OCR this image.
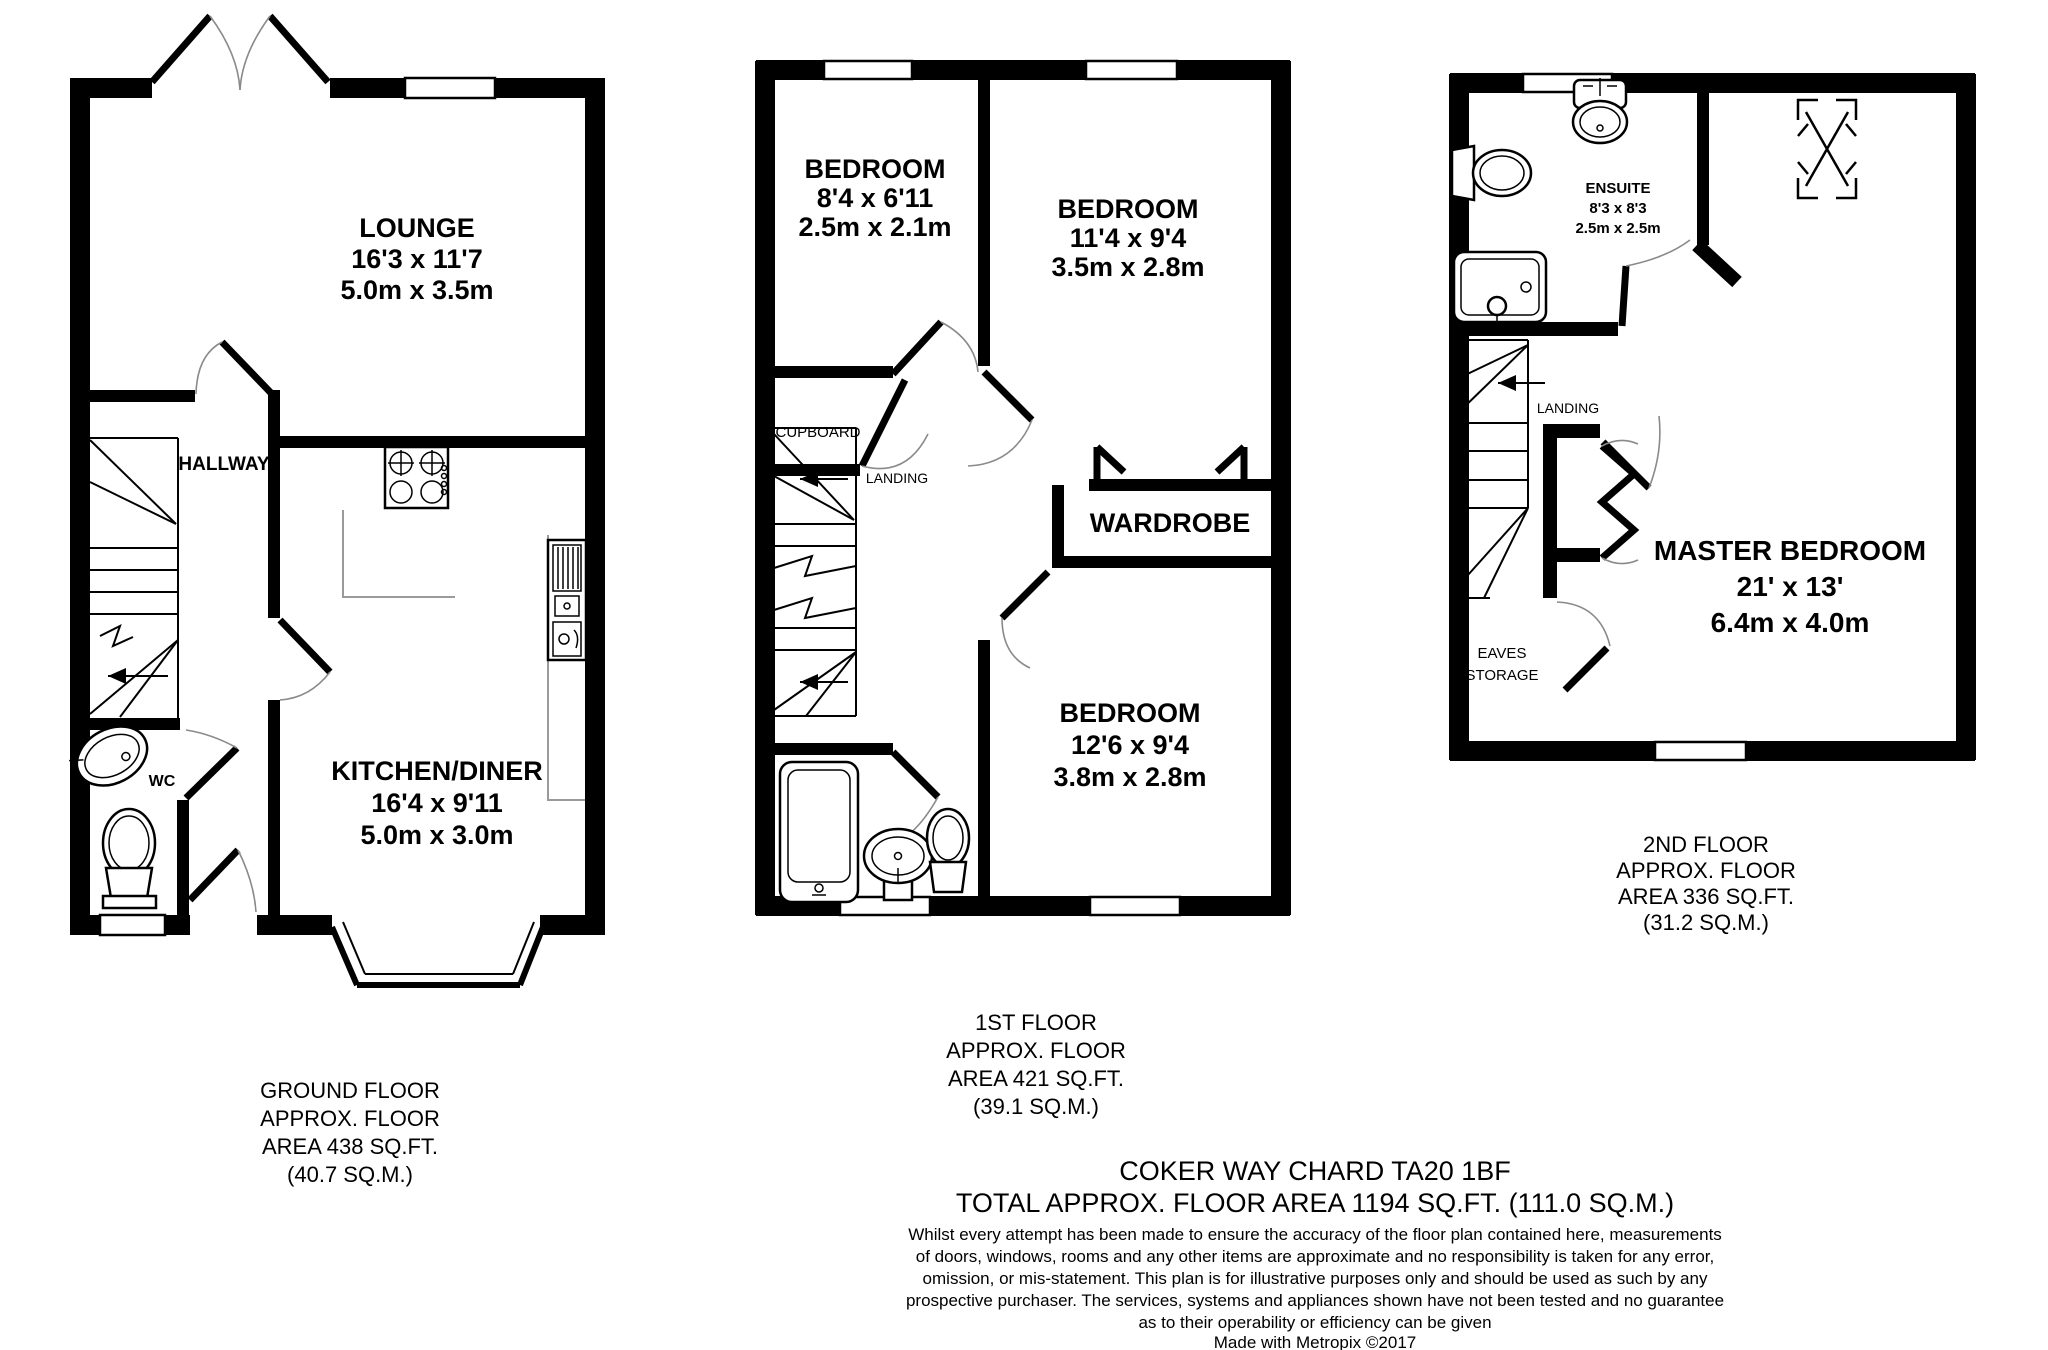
LOUNGE
16'3 x 11'7
5.0m x 3.5m
KITCHEN/DINER
16'4 x 9'11
5.0m x 3.0m
HALLWAY
WC
GROUND FLOOR
APPROX. FLOOR
AREA 438 SQ.FT.
(40.7 SQ.M.)
BEDROOM
8'4 x 6'11
2.5m x 2.1m
BEDROOM
11'4 x 9'4
3.5m x 2.8m
BEDROOM
12'6 x 9'4
3.8m x 2.8m
CUPBOARD
LANDING
WARDROBE
1ST FLOOR
APPROX. FLOOR
AREA 421 SQ.FT.
(39.1 SQ.M.)
ENSUITE
8'3 x 8'3
2.5m x 2.5m
MASTER BEDROOM
21' x 13'
6.4m x 4.0m
LANDING
EAVES
STORAGE
2ND FLOOR
APPROX. FLOOR
AREA 336 SQ.FT.
(31.2 SQ.M.)
COKER WAY CHARD TA20 1BF
TOTAL APPROX. FLOOR AREA 1194 SQ.FT. (111.0 SQ.M.)
Whilst every attempt has been made to ensure the accuracy of the floor plan contained here, measurements
of doors, windows, rooms and any other items are approximate and no responsibility is taken for any error,
omission, or mis-statement. This plan is for illustrative purposes only and should be used as such by any
prospective purchaser. The services, systems and appliances shown have not been tested and no guarantee
as to their operability or efficiency can be given
Made with Metropix ©2017
